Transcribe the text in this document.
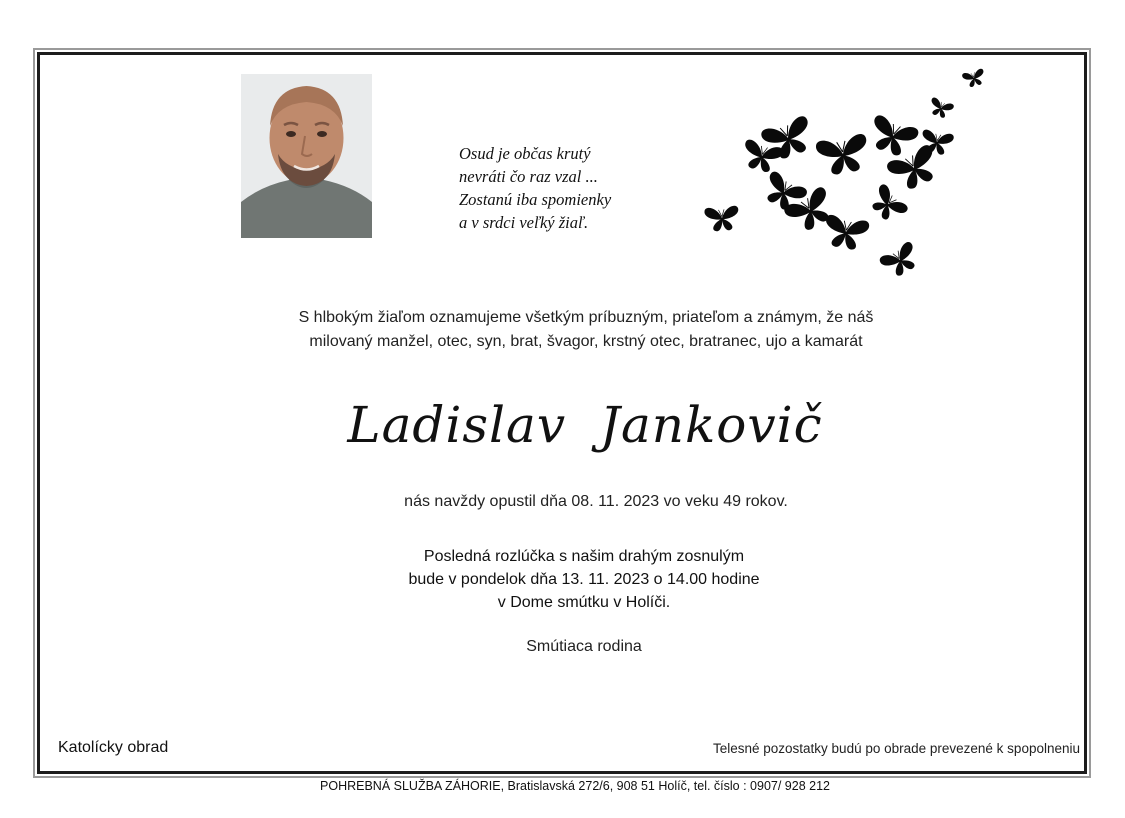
Osud je občas krutý
nevráti čo raz vzal ...
Zostanú iba spomienky
a v srdci veľký žiaľ.
S hlbokým žiaľom oznamujeme všetkým príbuzným, priateľom a známym, že náš
milovaný manžel, otec, syn, brat, švagor, krstný otec, bratranec, ujo a kamarát
Ladislav  Jankovič
nás navždy opustil dňa 08. 11. 2023 vo veku 49 rokov.
Posledná rozlúčka s našim drahým zosnulým
bude v pondelok dňa 13. 11. 2023 o 14.00 hodine
v Dome smútku v Holíči.
Smútiaca rodina
Katolícky obrad	Telesné pozostatky budú po obrade prevezené k spopolneniu
POHREBNÁ SLUŽBA ZÁHORIE, Bratislavská 272/6, 908 51 Holíč, tel. číslo : 0907/ 928 212
